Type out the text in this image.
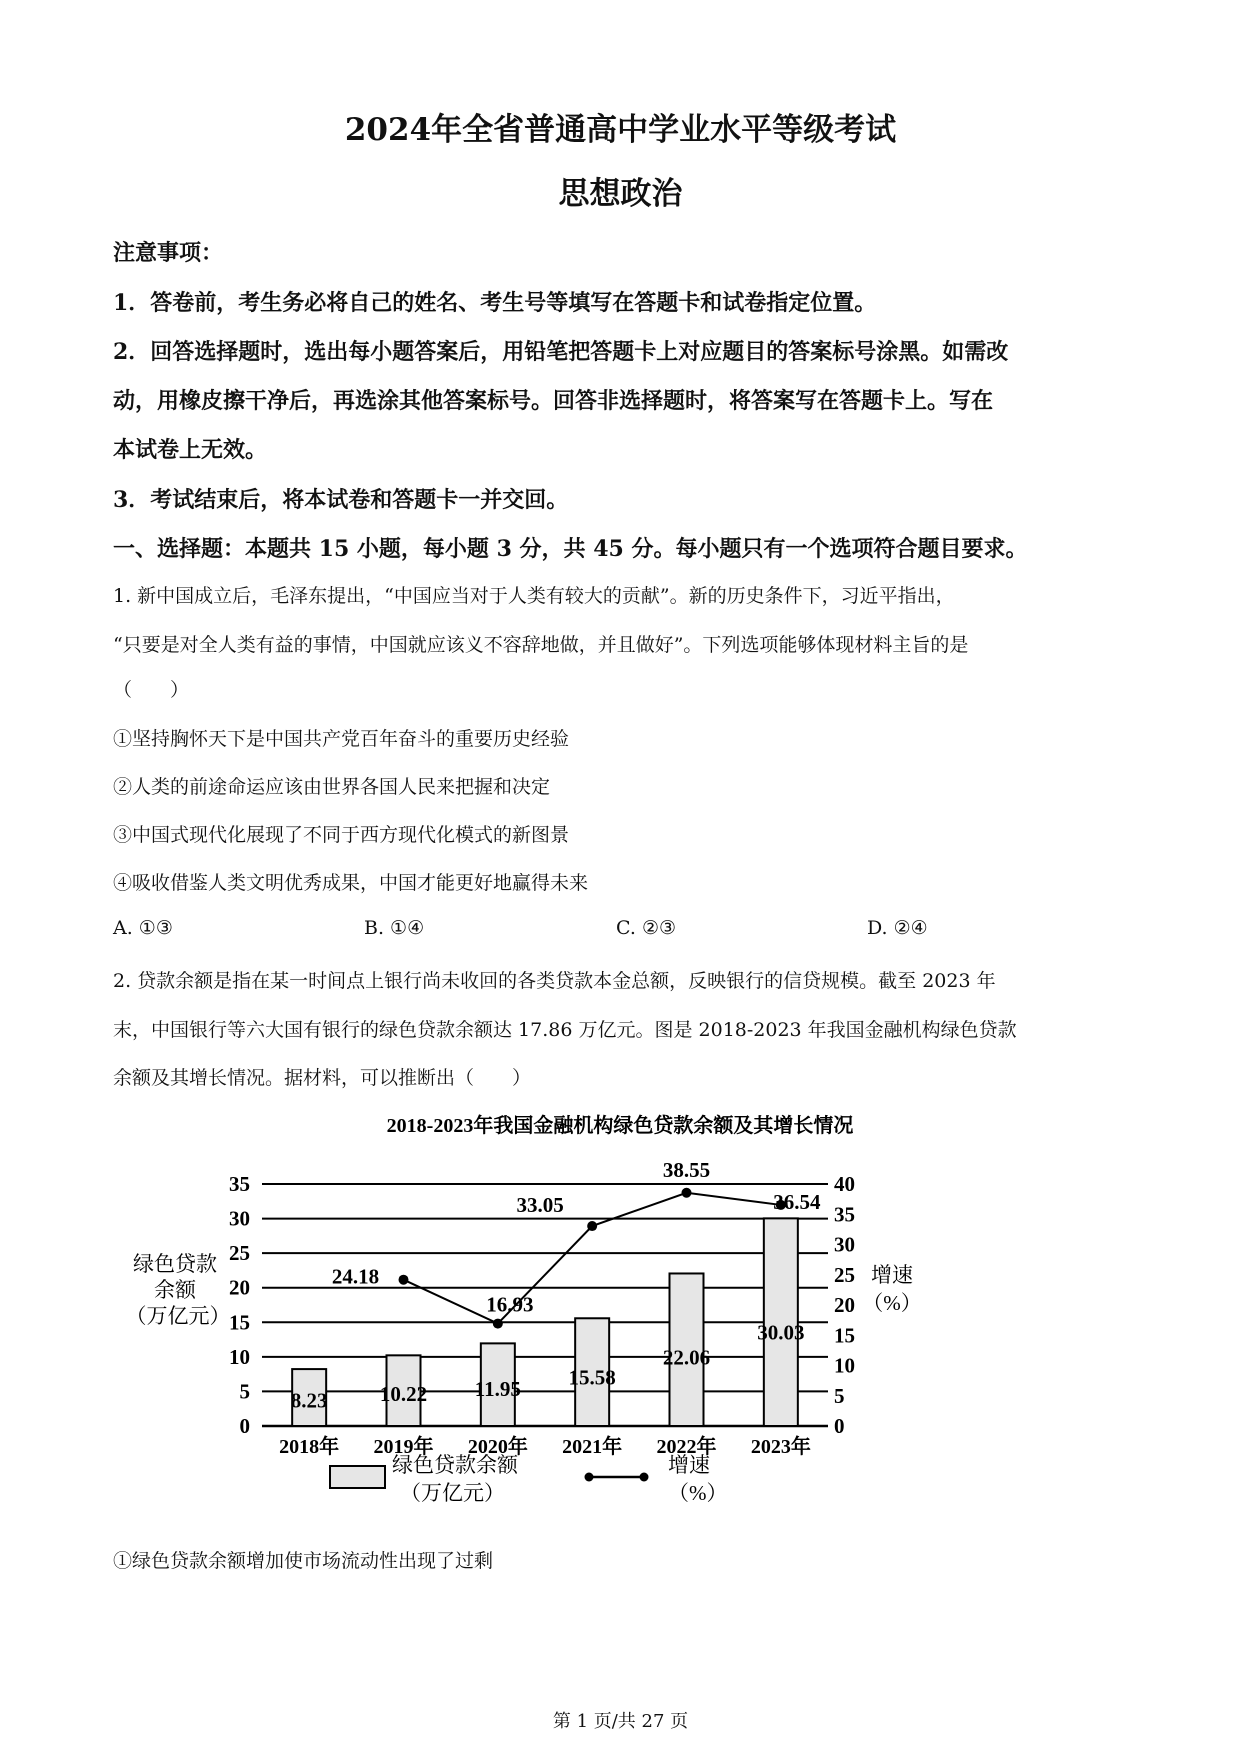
2024年全省普通高中学业水平等级考试
思想政治
注意事项：
1．答卷前，考生务必将自己的姓名、考生号等填写在答题卡和试卷指定位置。
2．回答选择题时，选出每小题答案后，用铅笔把答题卡上对应题目的答案标号涂黑。如需改
动，用橡皮擦干净后，再选涂其他答案标号。回答非选择题时，将答案写在答题卡上。写在
本试卷上无效。
3．考试结束后，将本试卷和答题卡一并交回。
一、选择题：本题共 15 小题，每小题 3 分，共 45 分。每小题只有一个选项符合题目要求。
1. 新中国成立后，毛泽东提出，“中国应当对于人类有较大的贡献”。新的历史条件下，习近平指出，
“只要是对全人类有益的事情，中国就应该义不容辞地做，并且做好”。下列选项能够体现材料主旨的是
（　　）
①坚持胸怀天下是中国共产党百年奋斗的重要历史经验
②人类的前途命运应该由世界各国人民来把握和决定
③中国式现代化展现了不同于西方现代化模式的新图景
④吸收借鉴人类文明优秀成果，中国才能更好地赢得未来
A. ①③	B. ①④	C. ②③	D. ②④
2. 贷款余额是指在某一时间点上银行尚未收回的各类贷款本金总额，反映银行的信贷规模。截至 2023 年
末，中国银行等六大国有银行的绿色贷款余额达 17.86 万亿元。图是 2018-2023 年我国金融机构绿色贷款
余额及其增长情况。据材料，可以推断出（　　）
2018-2023年我国金融机构绿色贷款余额及其增长情况
8.23 10.22 11.95 15.58
22.06
30.03
24.18
16.93
33.05
38.55
36.54
0
5
10
15
20
25
30
35
0
5
10
15
20
25
30
35
40
2018年 2019年 2020年 2021年 2022年 2023年
绿色贷款
余额
（万亿元）
增速
（%）
绿色贷款余额
（万亿元）
增速
（%）
①绿色贷款余额增加使市场流动性出现了过剩
第 1 页/共 27 页
